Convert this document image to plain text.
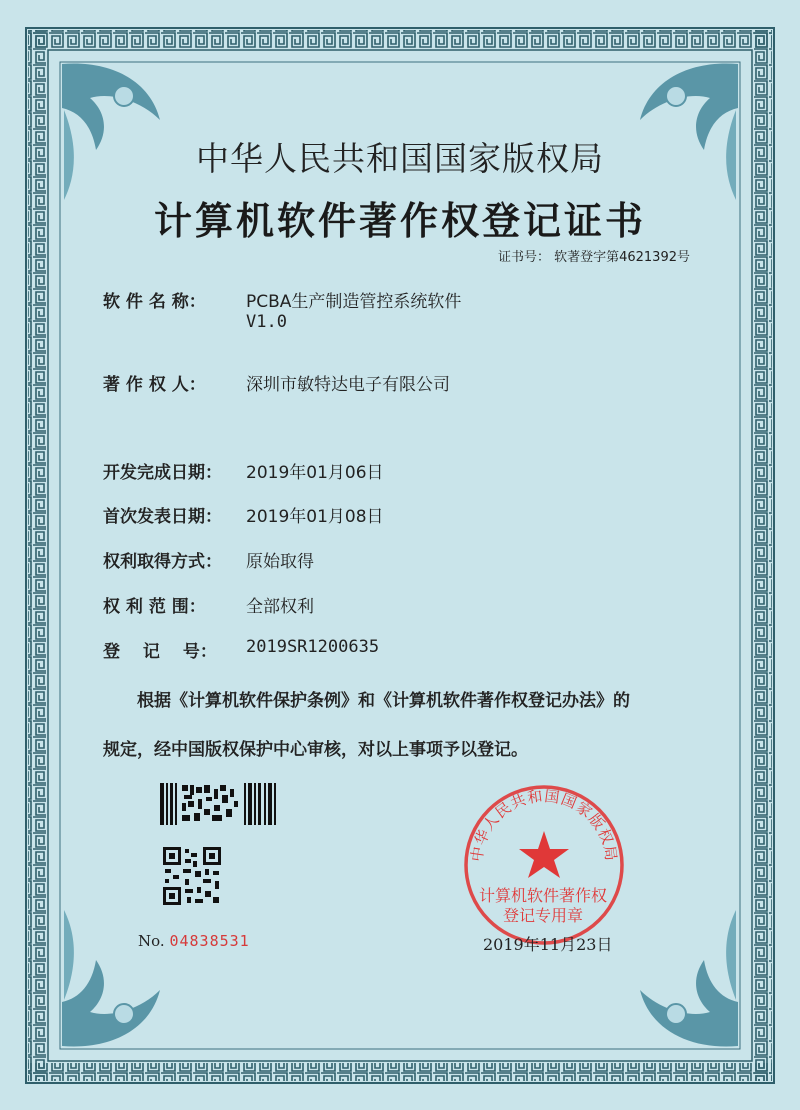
中华人民共和国国家版权局
计算机软件著作权登记证书
证书号： 软著登字第4621392号
软 件 名 称：	PCBA生产制造管控系统软件
V1.0
著 作 权 人：	深圳市敏特达电子有限公司
开发完成日期：	2019年01月06日
首次发表日期：	2019年01月08日
权利取得方式：	原始取得
权 利 范 围：	全部权利
登　 记 　号：	2019SR1200635
根据《计算机软件保护条例》和《计算机软件著作权登记办法》的
规定，经中国版权保护中心审核，对以上事项予以登记。
中华人民共和国国家版权局
计算机软件著作权
登记专用章
No. 04838531	2019年11月23日
